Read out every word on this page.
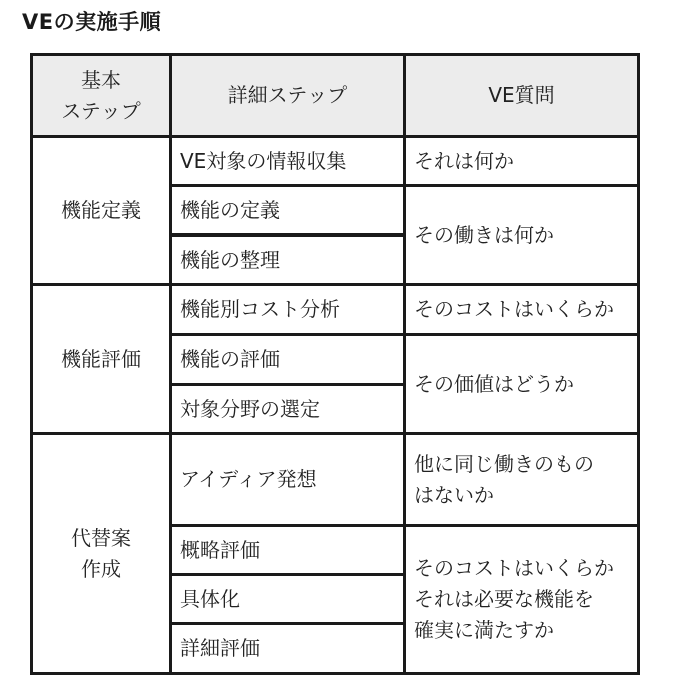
VEの実施手順
基本
ステップ
詳細ステップ	VE質問
機能定義
VE対象の情報収集
機能の定義
機能の整理
それは何か
その働きは何か
機能評価
機能別コスト分析
機能の評価
対象分野の選定
そのコストはいくらか
その価値はどうか
代替案
作成
アイディア発想
概略評価
具体化
詳細評価
他に同じ働きのもの
はないか
そのコストはいくらか
それは必要な機能を
確実に満たすか
